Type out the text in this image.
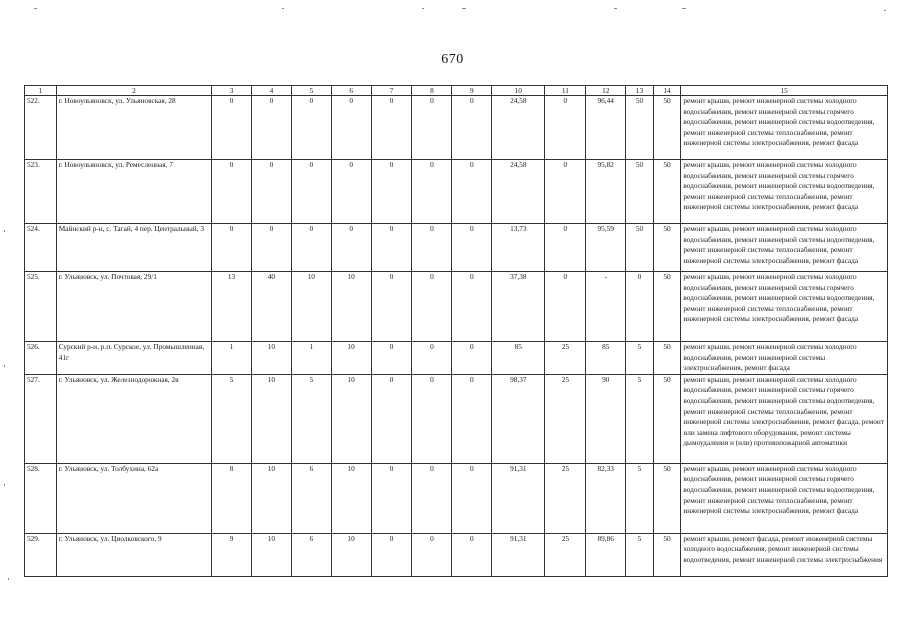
670
1	2	3	4	5	6	7	8	9	10	11	12	13	14	15
522.	г. Новоульяновск, ул. Ульяновская, 28	0	0	0	0	0	0	0	24,58	0	96,44	50	50	ремонт крыши, ремонт инженерной системы холодного водоснабжения, ремонт инженерной системы горячего водоснабжения, ремонт инженерной системы водоотведения, ремонт инженерной системы теплоснабжения, ремонт инженерной системы электроснабжения, ремонт фасада
523.	г. Новоульяновск, ул. Ремесленная, 7	0	0	0	0	0	0	0	24,58	0	95,82	50	50	ремонт крыши, ремонт инженерной системы холодного водоснабжения, ремонт инженерной системы горячего водоснабжения, ремонт инженерной системы водоотведения, ремонт инженерной системы теплоснабжения, ремонт инженерной системы электроснабжения, ремонт фасада
524.	Майнский р-н, с. Тагай, 4 пер. Центральный, 3	0	0	0	0	0	0	0	13,73	0	95,59	50	50	ремонт крыши, ремонт инженерной системы холодного водоснабжения, ремонт инженерной системы водоотведения, ремонт инженерной системы теплоснабжения, ремонт инженерной системы электроснабжения, ремонт фасада
525.	г. Ульяновск, ул. Почтовая, 29/1	13	40	10	10	0	0	0	37,38	0	-	0	50	ремонт крыши, ремонт инженерной системы холодного водоснабжения, ремонт инженерной системы горячего водоснабжения, ремонт инженерной системы водоотведения, ремонт инженерной системы теплоснабжения, ремонт инженерной системы электроснабжения, ремонт фасада
526.	Сурский р-н, р.п. Сурское, ул. Промышленная, 41г	1	10	1	10	0	0	0	85	25	85	5	50	ремонт крыши, ремонт инженерной системы холодного водоснабжения, ремонт инженерной системы электроснабжения, ремонт фасада
527.	г. Ульяновск, ул. Железнодорожная, 2в	5	10	5	10	0	0	0	98,37	25	90	5	50	ремонт крыши, ремонт инженерной системы холодного водоснабжения, ремонт инженерной системы горячего водоснабжения, ремонт инженерной системы водоотведения, ремонт инженерной системы теплоснабжения, ремонт инженерной системы электроснабжения, ремонт фасада, ремонт или замена лифтового оборудования, ремонт системы дымоудаления и (или) противопожарной автоматики
528.	г. Ульяновск, ул. Толбухина, 62а	8	10	6	10	0	0	0	91,31	25	82,33	5	50	ремонт крыши, ремонт инженерной системы холодного водоснабжения, ремонт инженерной системы горячего водоснабжения, ремонт инженерной системы водоотведения, ремонт инженерной системы теплоснабжения, ремонт инженерной системы электроснабжения, ремонт фасада
529.	г. Ульяновск, ул. Циолковского, 9	9	10	6	10	0	0	0	91,31	25	89,86	5	50	ремонт крыши, ремонт фасада, ремонт инженерной системы холодного водоснабжения, ремонт инженерной системы водоотведения, ремонт инженерной системы электроснабжения
